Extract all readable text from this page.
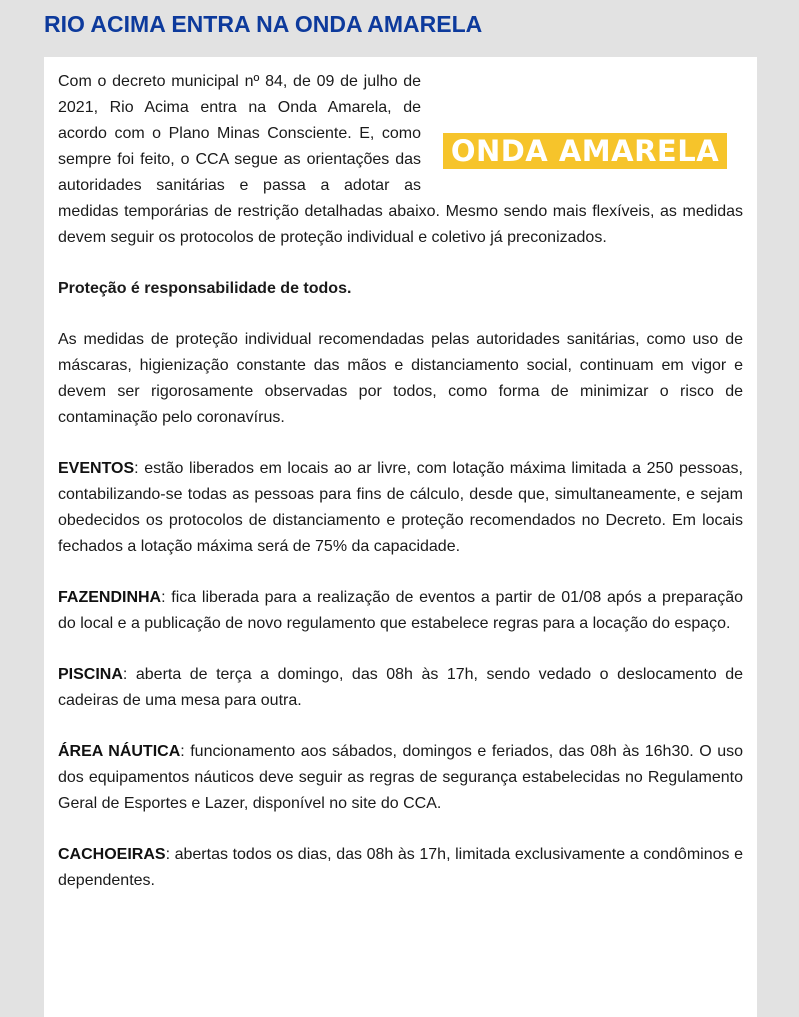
RIO ACIMA ENTRA NA ONDA AMARELA
ONDA AMARELA

Com o decreto municipal nº 84, de 09 de julho de 2021, Rio Acima entra na Onda Amarela, de acordo com o Plano Minas Consciente. E, como sempre foi feito, o CCA segue as orientações das autoridades sanitárias e passa a adotar as medidas temporárias de restrição detalhadas abaixo. Mesmo sendo mais flexíveis, as medidas devem seguir os protocolos de proteção individual e coletivo já preconizados.

Proteção é responsabilidade de todos.

As medidas de proteção individual recomendadas pelas autoridades sanitárias, como uso de máscaras, higienização constante das mãos e distanciamento social, continuam em vigor e devem ser rigorosamente observadas por todos, como forma de minimizar o risco de contaminação pelo coronavírus.

EVENTOS: estão liberados em locais ao ar livre, com lotação máxima limitada a 250 pessoas, contabilizando-se todas as pessoas para fins de cálculo, desde que, simultaneamente, e sejam obedecidos os protocolos de distanciamento e proteção recomendados no Decreto. Em locais fechados a lotação máxima será de 75% da capacidade.

FAZENDINHA: fica liberada para a realização de eventos a partir de 01/08 após a preparação do local e a publicação de novo regulamento que estabelece regras para a locação do espaço.

PISCINA: aberta de terça a domingo, das 08h às 17h, sendo vedado o deslocamento de cadeiras de uma mesa para outra.

ÁREA NÁUTICA: funcionamento aos sábados, domingos e feriados, das 08h às 16h30. O uso dos equipamentos náuticos deve seguir as regras de segurança estabelecidas no Regulamento Geral de Esportes e Lazer, disponível no site do CCA.

CACHOEIRAS: abertas todos os dias, das 08h às 17h, limitada exclusivamente a condôminos e dependentes.
